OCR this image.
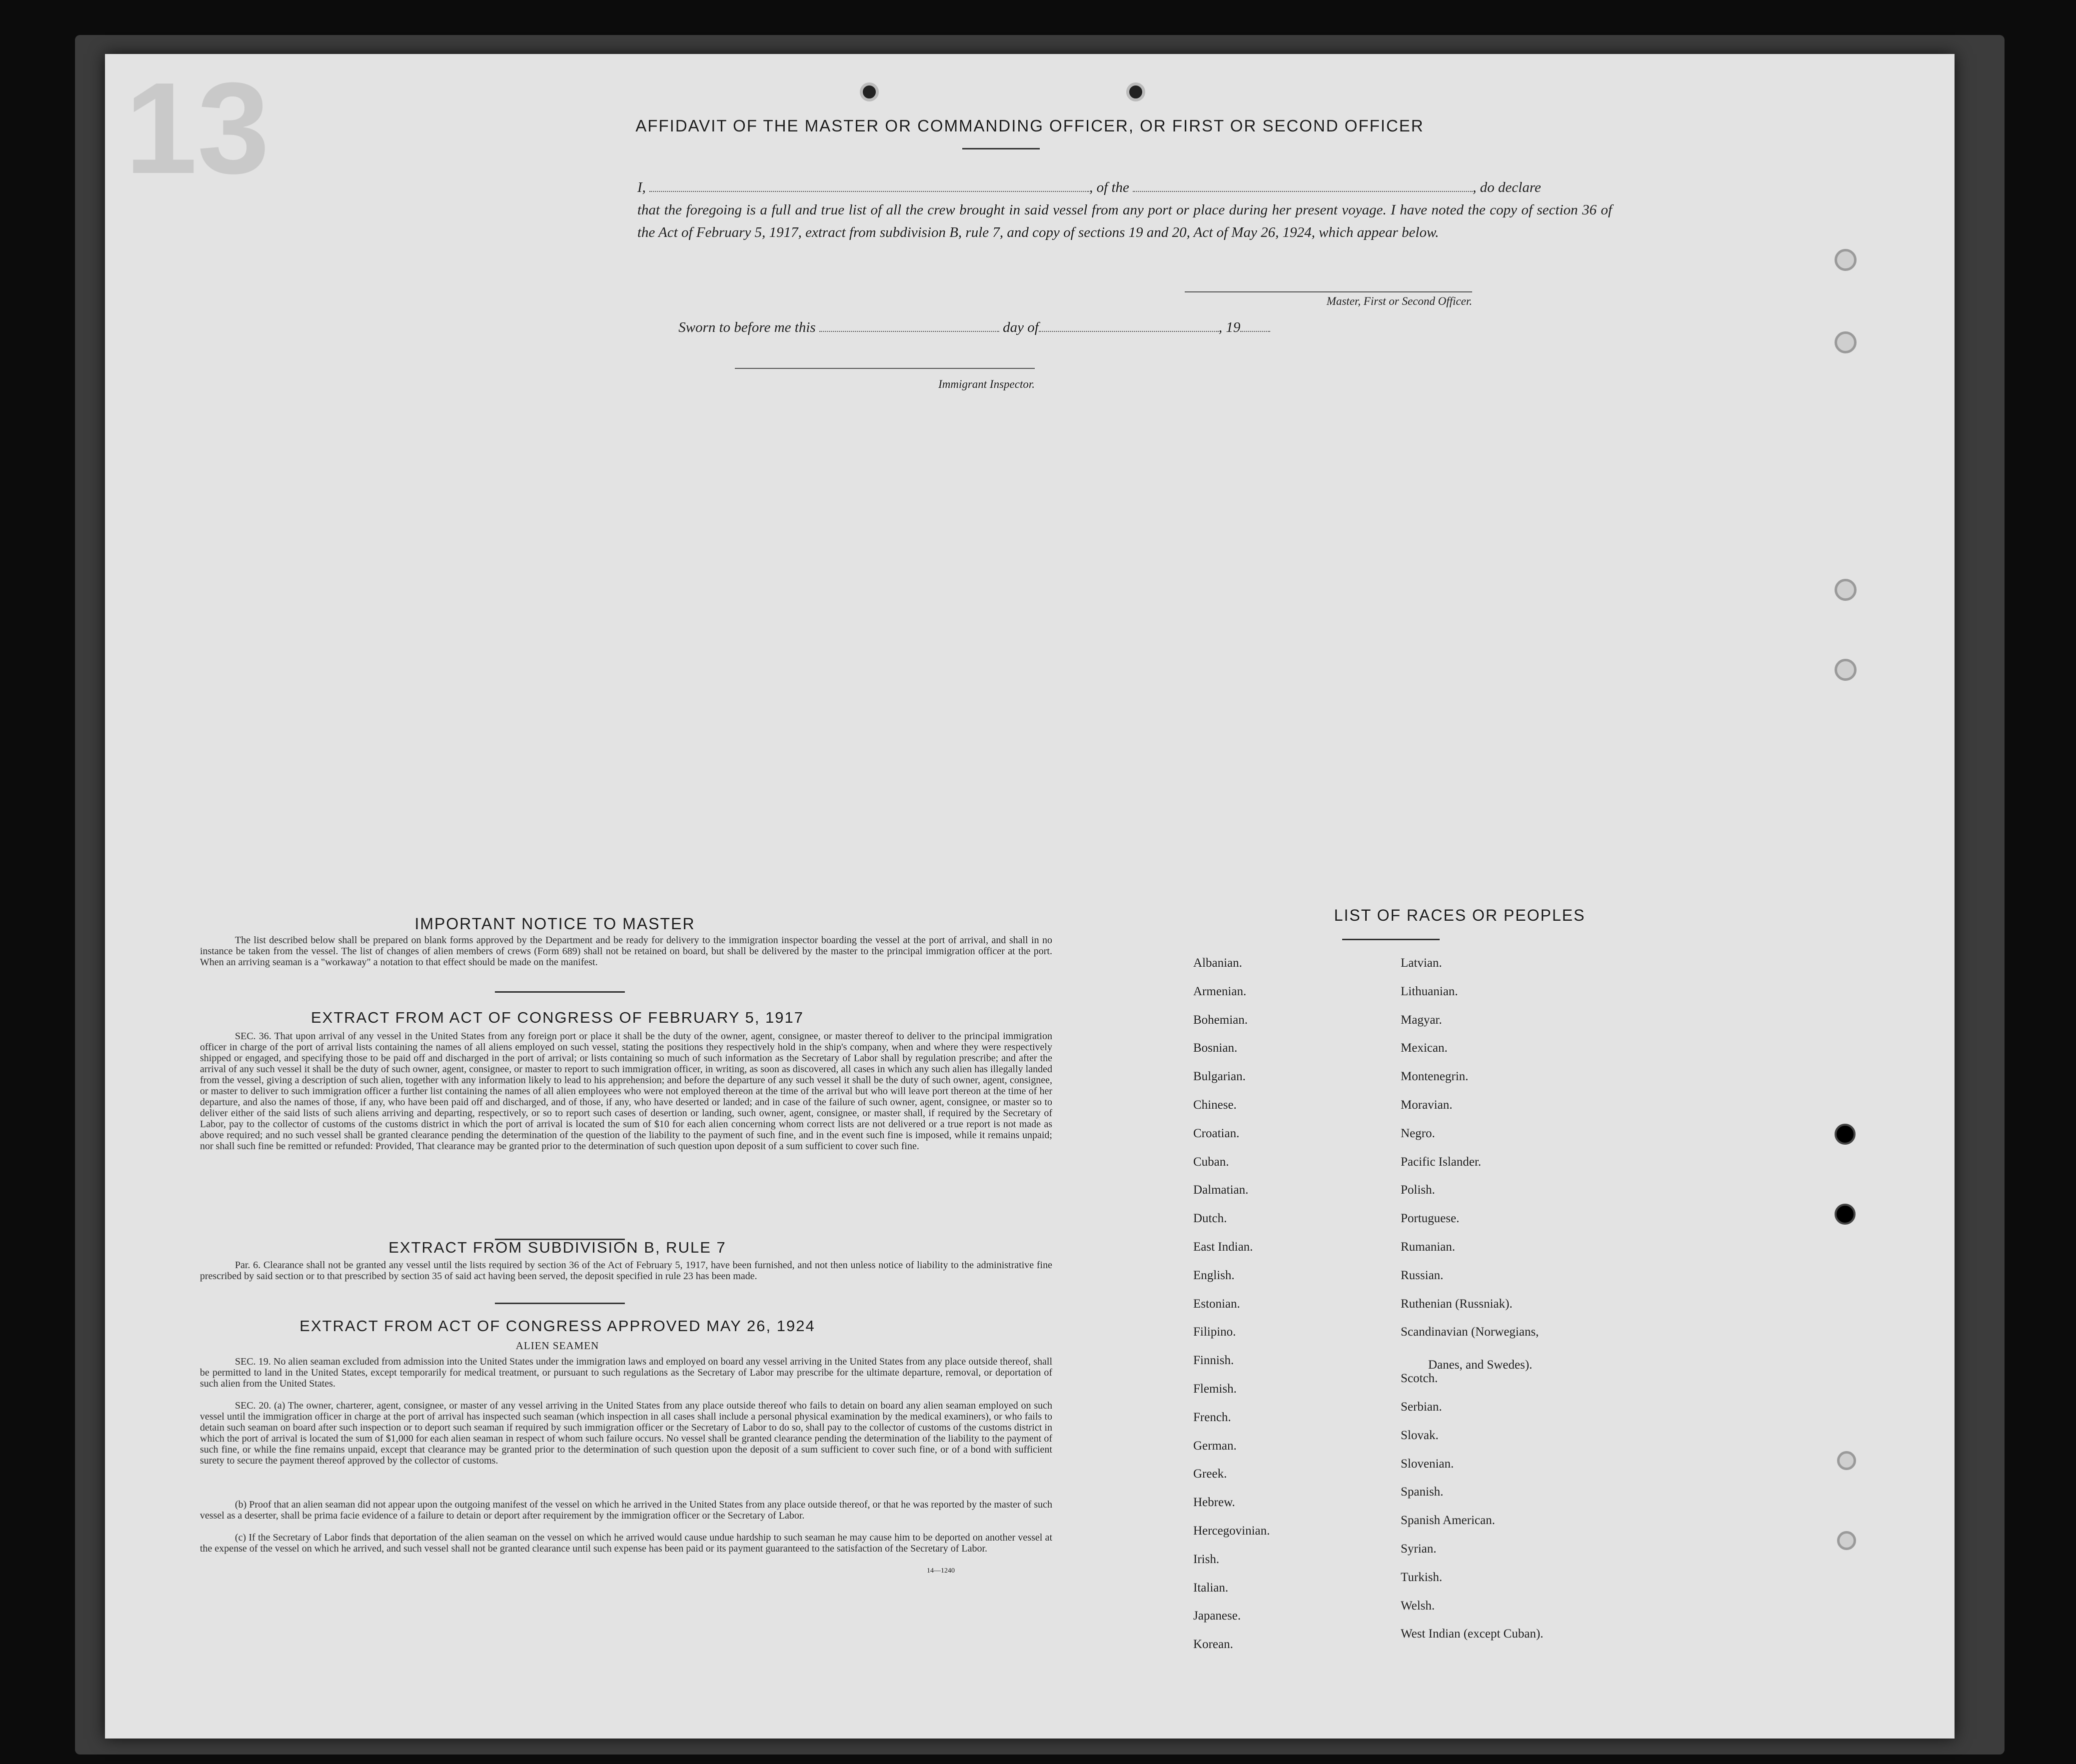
13	AFFIDAVIT OF THE MASTER OR COMMANDING OFFICER, OR FIRST OR SECOND OFFICER
I,	, of the	, do declare
that the foregoing is a full and true list of all the crew brought in said vessel from any port or place during her present voyage. I have noted the copy of section 36 of the Act of February 5, 1917, extract from subdivision B, rule 7, and copy of sections 19 and 20, Act of May 26, 1924, which appear below.
Master, First or Second Officer.
Sworn to before me this	day of	, 19
Immigrant Inspector.
IMPORTANT NOTICE TO MASTER
The list described below shall be prepared on blank forms approved by the Department and be ready for delivery to the immigration inspector boarding the vessel at the port of arrival, and shall in no instance be taken from the vessel. The list of changes of alien members of crews (Form 689) shall not be retained on board, but shall be delivered by the master to the principal immigration officer at the port. When an arriving seaman is a "workaway" a notation to that effect should be made on the manifest.
EXTRACT FROM ACT OF CONGRESS OF FEBRUARY 5, 1917
SEC. 36. That upon arrival of any vessel in the United States from any foreign port or place it shall be the duty of the owner, agent, consignee, or master thereof to deliver to the principal immigration officer in charge of the port of arrival lists containing the names of all aliens employed on such vessel, stating the positions they respectively hold in the ship's company, when and where they were respectively shipped or engaged, and specifying those to be paid off and discharged in the port of arrival; or lists containing so much of such information as the Secretary of Labor shall by regulation prescribe; and after the arrival of any such vessel it shall be the duty of such owner, agent, consignee, or master to report to such immigration officer, in writing, as soon as discovered, all cases in which any such alien has illegally landed from the vessel, giving a description of such alien, together with any information likely to lead to his apprehension; and before the departure of any such vessel it shall be the duty of such owner, agent, consignee, or master to deliver to such immigration officer a further list containing the names of all alien employees who were not employed thereon at the time of the arrival but who will leave port thereon at the time of her departure, and also the names of those, if any, who have been paid off and discharged, and of those, if any, who have deserted or landed; and in case of the failure of such owner, agent, consignee, or master so to deliver either of the said lists of such aliens arriving and departing, respectively, or so to report such cases of desertion or landing, such owner, agent, consignee, or master shall, if required by the Secretary of Labor, pay to the collector of customs of the customs district in which the port of arrival is located the sum of $10 for each alien concerning whom correct lists are not delivered or a true report is not made as above required; and no such vessel shall be granted clearance pending the determination of the question of the liability to the payment of such fine, and in the event such fine is imposed, while it remains unpaid; nor shall such fine be remitted or refunded: Provided, That clearance may be granted prior to the determination of such question upon deposit of a sum sufficient to cover such fine.
EXTRACT FROM SUBDIVISION B, RULE 7
Par. 6. Clearance shall not be granted any vessel until the lists required by section 36 of the Act of February 5, 1917, have been furnished, and not then unless notice of liability to the administrative fine prescribed by said section or to that prescribed by section 35 of said act having been served, the deposit specified in rule 23 has been made.
EXTRACT FROM ACT OF CONGRESS APPROVED MAY 26, 1924
ALIEN SEAMEN
SEC. 19. No alien seaman excluded from admission into the United States under the immigration laws and employed on board any vessel arriving in the United States from any place outside thereof, shall be permitted to land in the United States, except temporarily for medical treatment, or pursuant to such regulations as the Secretary of Labor may prescribe for the ultimate departure, removal, or deportation of such alien from the United States.
SEC. 20. (a) The owner, charterer, agent, consignee, or master of any vessel arriving in the United States from any place outside thereof who fails to detain on board any alien seaman employed on such vessel until the immigration officer in charge at the port of arrival has inspected such seaman (which inspection in all cases shall include a personal physical examination by the medical examiners), or who fails to detain such seaman on board after such inspection or to deport such seaman if required by such immigration officer or the Secretary of Labor to do so, shall pay to the collector of customs of the customs district in which the port of arrival is located the sum of $1,000 for each alien seaman in respect of whom such failure occurs. No vessel shall be granted clearance pending the determination of the liability to the payment of such fine, or while the fine remains unpaid, except that clearance may be granted prior to the determination of such question upon the deposit of a sum sufficient to cover such fine, or of a bond with sufficient surety to secure the payment thereof approved by the collector of customs.
(b) Proof that an alien seaman did not appear upon the outgoing manifest of the vessel on which he arrived in the United States from any place outside thereof, or that he was reported by the master of such vessel as a deserter, shall be prima facie evidence of a failure to detain or deport after requirement by the immigration officer or the Secretary of Labor.
(c) If the Secretary of Labor finds that deportation of the alien seaman on the vessel on which he arrived would cause undue hardship to such seaman he may cause him to be deported on another vessel at the expense of the vessel on which he arrived, and such vessel shall not be granted clearance until such expense has been paid or its payment guaranteed to the satisfaction of the Secretary of Labor.
14—1240
LIST OF RACES OR PEOPLES
Albanian.
Armenian.
Bohemian.
Bosnian.
Bulgarian.
Chinese.
Croatian.
Cuban.
Dalmatian.
Dutch.
East Indian.
English.
Estonian.
Filipino.
Finnish.
Flemish.
French.
German.
Greek.
Hebrew.
Hercegovinian.
Irish.
Italian.
Japanese.
Korean.
Latvian.
Lithuanian.
Magyar.
Mexican.
Montenegrin.
Moravian.
Negro.
Pacific Islander.
Polish.
Portuguese.
Rumanian.
Russian.
Ruthenian (Russniak).
Scandinavian (Norwegians,
Danes, and Swedes).
Scotch.
Serbian.
Slovak.
Slovenian.
Spanish.
Spanish American.
Syrian.
Turkish.
Welsh.
West Indian (except Cuban).
